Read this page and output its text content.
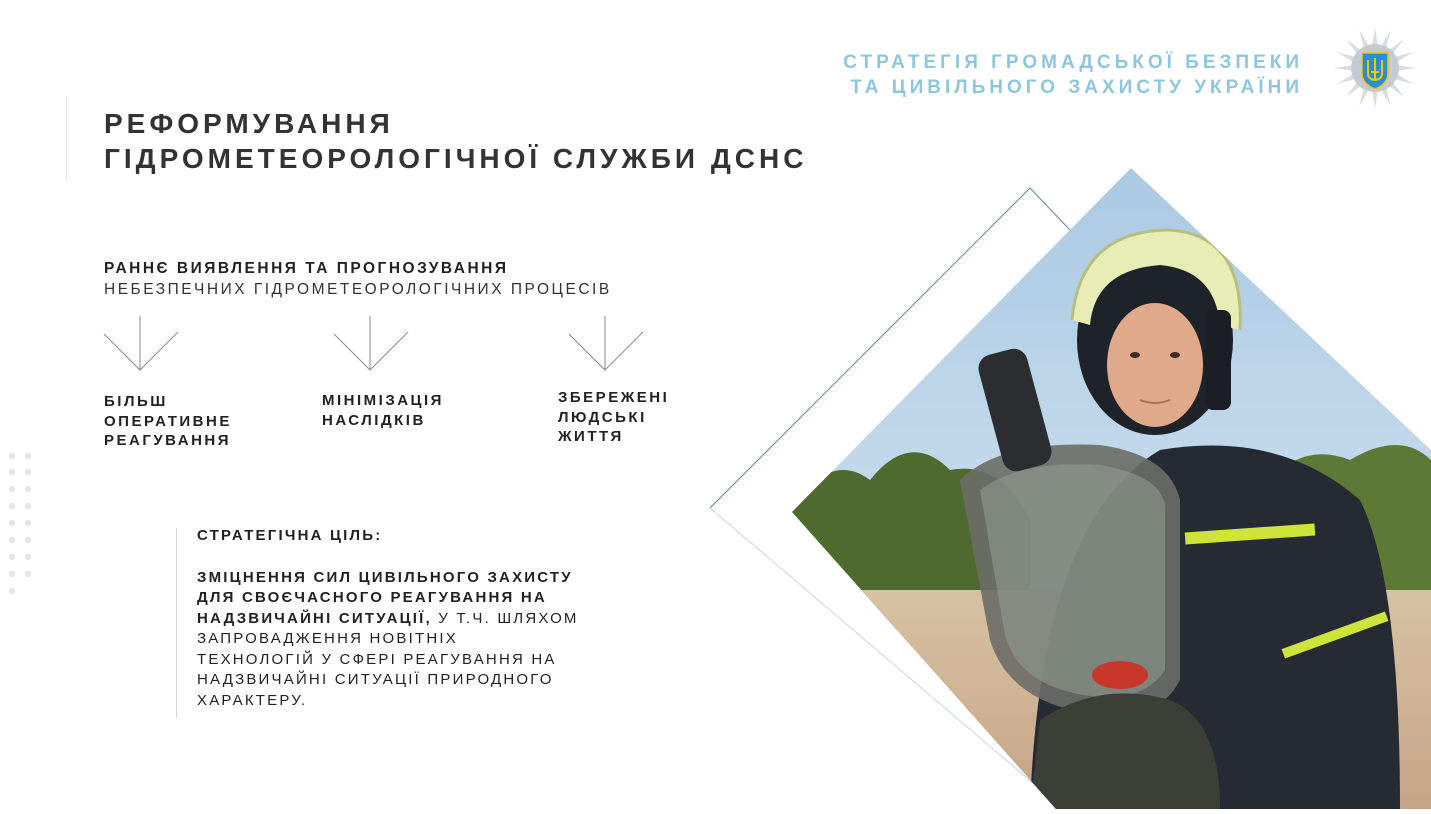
СТРАТЕГІЯ ГРОМАДСЬКОЇ БЕЗПЕКИ
ТА ЦИВІЛЬНОГО ЗАХИСТУ УКРАЇНИ
РЕФОРМУВАННЯ
ГІДРОМЕТЕОРОЛОГІЧНОЇ СЛУЖБИ ДСНС
РАННЄ ВИЯВЛЕННЯ ТА ПРОГНОЗУВАННЯ
НЕБЕЗПЕЧНИХ ГІДРОМЕТЕОРОЛОГІЧНИХ ПРОЦЕСІВ
БІЛЬШ
ОПЕРАТИВНЕ
РЕАГУВАННЯ
МІНІМІЗАЦІЯ
НАСЛІДКІВ
ЗБЕРЕЖЕНІ
ЛЮДСЬКІ
ЖИТТЯ
СТРАТЕГІЧНА ЦІЛЬ:
ЗМІЦНЕННЯ СИЛ ЦИВІЛЬНОГО ЗАХИСТУ
ДЛЯ СВОЄЧАСНОГО РЕАГУВАННЯ НА
НАДЗВИЧАЙНІ СИТУАЦІЇ, У Т.Ч. ШЛЯХОМ
ЗАПРОВАДЖЕННЯ НОВІТНІХ
ТЕХНОЛОГІЙ У СФЕРІ РЕАГУВАННЯ НА
НАДЗВИЧАЙНІ СИТУАЦІЇ ПРИРОДНОГО
ХАРАКТЕРУ.
